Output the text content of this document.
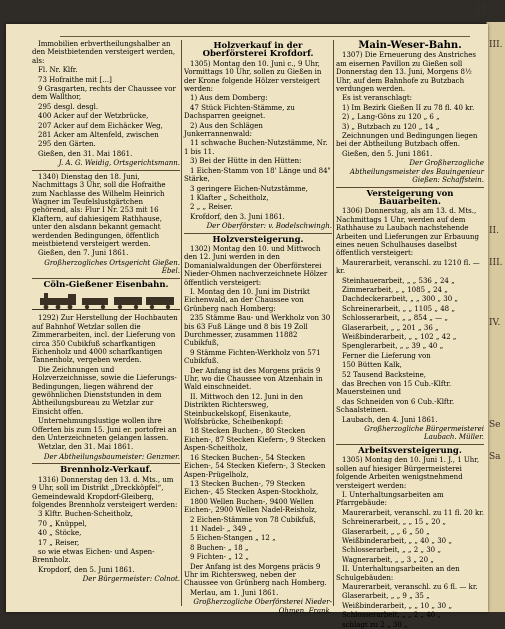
III.
II.
III.
IV.
Se
Sa
21

Immobilien erbvertheilungshalber an den Meistbietenden versteigert werden, als:

Fl. Nr. Klfr.

73 Hofraithe mit […]

9 Grasgarten, rechts der Chaussee vor dem Wallthor,

295 desgl. desgl.

400 Acker auf der Wetzbrücke,

207 Acker auf dem Eichäcker Weg,

281 Acker am Altenfeld, zwischen

295 den Gärten.

Gießen, den 31. Mai 1861.

J. A. G. Weidig, Ortsgerichtsmann.

1340) Dienstag den 18. Juni, Nachmittags 3 Uhr, soll die Hofraithe zum Nachlasse des Wilhelm Heinrich Wagner im Teufelslustgärtchen gehörend, als: Flur I Nr. 253 mit 16 Klaftern, auf dahiesigem Rathhause, unter den alsdann bekannt gemacht werdenden Bedingungen, öffentlich meistbietend versteigert werden.

Gießen, den 7. Juni 1861.

Großherzogliches Ortsgericht Gießen. Ebel.

Cöln-Gießener Eisenbahn.

1292) Zur Herstellung der Hochbauten auf Bahnhof Wetzlar sollen die Zimmerarbeiten, incl. der Lieferung von circa 350 Cubikfuß scharfkantigen Eichenholz und 4000 scharfkantigen Tannenholz, vergeben werden.

Die Zeichnungen und Holzverzeichnisse, sowie die Lieferungs-Bedingungen, liegen während der gewöhnlichen Dienststunden in dem Abtheilungsbureau zu Wetzlar zur Einsicht offen.

Unternehmungslustige wollen ihre Offerten bis zum 15. Juni er. portofrei an den Unterzeichneten gelangen lassen.

Wetzlar, den 31. Mai 1861.

Der Abtheilungsbaumeister: Genzmer.

Brennholz-Verkauf.

1316) Donnerstag den 13. d. Mts., um 9 Uhr, soll im Distrikt „Dreckköpfel“, Gemeindewald Kropdorf-Gleiberg, folgendes Brennholz versteigert werden:

3 Klftr. Buchen-Scheitholz,

70 „ Knüppel,

40 „ Stöcke,

17 „ Reiser,

so wie etwas Eichen- und Aspen-Brennholz.

Kropdorf, den 5. Juni 1861.

Der Bürgermeister: Colnot.

Holzverkauf in der Oberförsterei Krofdorf.

1305) Montag den 10. Juni c., 9 Uhr, Vormittags 10 Uhr, sollen zu Gießen in der Krone folgende Hölzer versteigert werden:

1) Aus dem Domberg:

47 Stück Fichten-Stämme, zu Dachsparren geeignet.

2) Aus den Schlägen Junkerrannenwald:

11 schwache Buchen-Nutzstämme, Nr. 1 bis 11.

3) Bei der Hütte in den Hütten:

1 Eichen-Stamm von 18' Länge und 84" Stärke,

3 geringere Eichen-Nutzstämme,

1 Klafter „ Scheitholz,

2 „ „ Reiser.

Krofdorf, den 3. Juni 1861.

Der Oberförster: v. Bodelschwingh.

Holzversteigerung.

1302) Montag den 10. und Mittwoch den 12. Juni werden in den Domanialwaldungen der Oberförsterei Nieder-Ohmen nachverzeichnete Hölzer öffentlich versteigert:

I. Montag den 10. Juni im Distrikt Eichenwald, an der Chaussee von Grünberg nach Homberg:

235 Stämme Bau- und Werkholz von 30 bis 63 Fuß Länge und 8 bis 19 Zoll Durchmesser, zusammen 11882 Cubikfuß,

9 Stämme Fichten-Werkholz von 571 Cubikfuß.

Der Anfang ist des Morgens präcis 9 Uhr, wo die Chaussee von Atzenhain in Wald einschneidet.

II. Mittwoch den 12. Juni in den Distrikten Richtersweg, Steinbuckelskopf, Eisenkaute, Wolfsbrücke, Scheibenkopf:

18 Stecken Buchen-, 80 Stecken Eichen-, 87 Stecken Kiefern-, 9 Stecken Aspen-Scheitholz,

16 Stecken Buchen-, 54 Stecken Eichen-, 54 Stecken Kiefern-, 3 Stecken Aspen-Prügelholz,

13 Stecken Buchen-, 79 Stecken Eichen-, 45 Stecken Aspen-Stockholz,

1800 Wellen Buchen-, 9400 Wellen Eichen-, 2900 Wellen Nadel-Reisholz,

2 Eichen-Stämme von 78 Cubikfuß,

11 Nadel- „ 349 „

5 Eichen-Stangen „ 12 „

8 Buchen- „ 18 „

9 Fichten- „ 12 „

Der Anfang ist des Morgens präcis 9 Uhr im Richtersweg, neben der Chaussee von Grünberg nach Homberg.

Merlau, am 1. Juni 1861.

Großherzogliche Oberförsterei Nieder-Ohmen. Frank.

Main-Weser-Bahn.

1307) Die Erneuerung des Anstriches am eisernen Pavillon zu Gießen soll Donnerstag den 13. Juni, Morgens 8½ Uhr, auf dem Bahnhofe zu Butzbach verdungen werden.

Es ist veranschlagt:

1) Im Bezirk Gießen II zu 78 fl. 40 kr.

2) „ Lang-Göns zu 120 „ 6 „

3) „ Butzbach zu 120 „ 14 „

Zeichnungen und Bedingungen liegen bei der Abtheilung Butzbach offen.

Gießen, den 5. Juni 1861.

Der Großherzogliche Abtheilungsmeister des Bauingenieur Gießen: Schaffstein.

Versteigerung von Bauarbeiten.

1306) Donnerstag, als am 13. d. Mts., Nachmittags 1 Uhr, werden auf dem Rathhause zu Laubach nachstehende Arbeiten und Lieferungen zur Erbauung eines neuen Schulhauses daselbst öffentlich versteigert:

Maurerarbeit, veranschl. zu 1210 fl. — kr.

Steinhauerarbeit, „ „ 536 „ 24 „

Zimmerarbeit, „ „ 1085 „ 24 „

Dachdeckerarbeit, „ „ 300 „ 30 „

Schreinerarbeit, „ „ 1105 „ 48 „

Schlosserarbeit, „ „ 854 „ — „

Glaserarbeit, „ „ 201 „ 36 „

Weißbinderarbeit, „ „ 102 „ 42 „

Spenglerarbeit, „ „ 39 „ 40 „

Ferner die Lieferung von

150 Bütten Kalk,

52 Tausend Backsteine,

das Brechen von 15 Cub.-Klftr. Mauersteinen und

das Schneiden von 6 Cub.-Klftr. Schaalsteinen.

Laubach, den 4. Juni 1861.

Großherzogliche Bürgermeisterei Laubach. Müller.

Arbeitsversteigerung.

1305) Montag den 10. Juni 1. J., 1 Uhr, sollen auf hiesiger Bürgermeisterei folgende Arbeiten wenigstnehmend versteigert werden:

I. Unterhaltungsarbeiten am Pfarrgebäude:

Maurerarbeit, veranschl. zu 11 fl. 20 kr.

Schreinerarbeit, „ „ 15 „ 20 „

Glaserarbeit, „ „ 6 „ 50 „

Weißbinderarbeit, „ „ 40 „ 30 „

Schlosserarbeit, „ „ 2 „ 30 „

Wagnerarbeit, „ „ 3 „ 20 „

II. Unterhaltungsarbeiten an den Schulgebäuden:

Maurerarbeit, veranschl. zu 6 fl. — kr.

Glaserarbeit, „ „ 9 „ 35 „

Weißbinderarbeit, „ „ 10 „ 30 „

Schlosserarbeit, „ „ 2 „ 40 „

schlagt zu 2 „ 30 „
